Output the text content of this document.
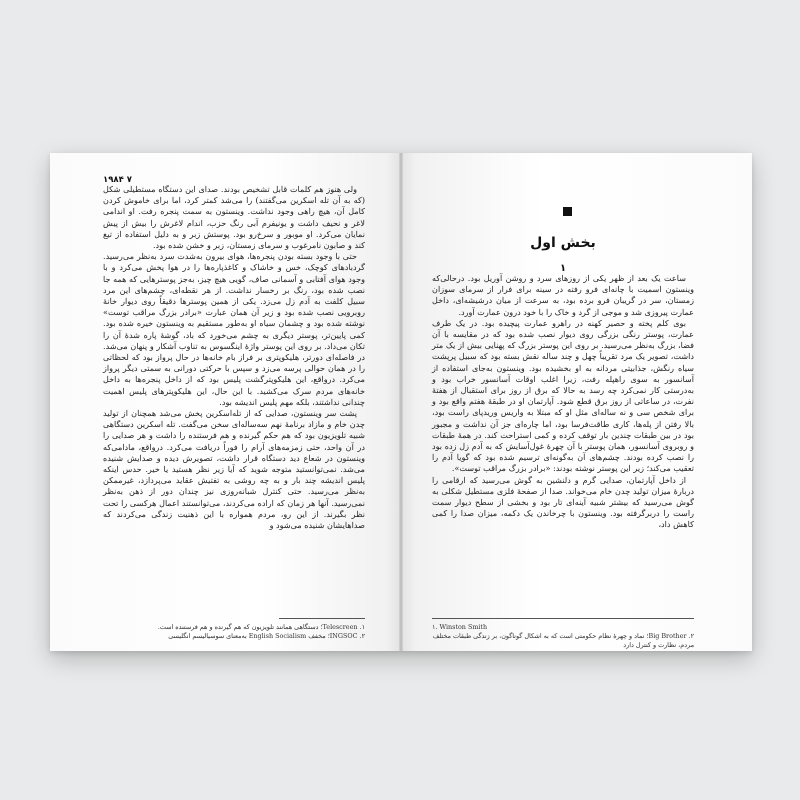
۷ ۱۹۸۴

ولی هنوز هم کلمات قابل تشخیص بودند. صدای این دستگاه مستطیلی شکل (که به آن تله اسکرین می‌گفتند) را می‌شد کمتر کرد، اما برای خاموش کردن کامل آن، هیچ راهی وجود نداشت. وینستون به سمت پنجره رفت. او اندامی لاغر و نحیف داشت و یونیفرم آبی رنگ حزب، اندام لاغرش را بیش از پیش نمایان می‌کرد. او موبور و سرخ‌رو بود. پوستش زبر و به دلیل استفاده از تیغ کند و صابون نامرغوب و سرمای زمستان، زبر و خشن شده بود.

حتی با وجود بسته بودن پنجره‌ها، هوای بیرون به‌شدت سرد به‌نظر می‌رسید. گردبادهای کوچک، خس و خاشاک و کاغذپاره‌ها را در هوا پخش می‌کرد و با وجود هوای آفتابی و آسمانی صاف، گویی هیچ چیز، به‌جز پوسترهایی که همه جا نصب شده بود، رنگ بر رخسار نداشت. از هر نقطه‌ای، چشم‌های این مرد سبیل کلفت به آدم زل می‌زد. یکی از همین پوسترها دقیقاً روی دیوار خانهٔ روبرویی نصب شده بود و زیر آن همان عبارت «برادر بزرگ مراقب توست» نوشته شده بود و چشمان سیاه او به‌طور مستقیم به وینستون خیره شده بود. کمی پایین‌تر، پوستر دیگری به چشم می‌خورد که باد، گوشهٔ پاره شدهٔ آن را تکان می‌داد. بر روی این پوستر واژهٔ اینگسوس به تناوب آشکار و پنهان می‌شد. در فاصله‌ای دورتر، هلیکوپتری بر فراز بام خانه‌ها در حال پرواز بود که لحظاتی را در همان حوالی پرسه می‌زد و سپس با حرکتی دورانی به سمتی دیگر پرواز می‌کرد. درواقع، این هلیکوپترگشت پلیس بود که از داخل پنجره‌ها به داخل خانه‌های مردم سرک می‌کشید. با این حال، این هلیکوپترهای پلیس اهمیت چندانی نداشتند، بلکه مهم پلیس اندیشه بود.

پشت سر وینستون، صدایی که از تله‌اسکرین پخش می‌شد همچنان از تولید چدن خام و مازاد برنامهٔ نهم سه‌ساله‌ای سخن می‌گفت. تله اسکرین دستگاهی شبیه تلویزیون بود که هم حکم گیرنده و هم فرستنده را داشت و هر صدایی را در آن واحد، حتی زمزمه‌های آرام را فوراً دریافت می‌کرد. درواقع، مادامی‌که وینستون در شعاع دید دستگاه قرار داشت، تصویرش دیده و صدایش شنیده می‌شد. نمی‌توانستید متوجه شوید که آیا زیر نظر هستید یا خیر. حدس اینکه پلیس اندیشه چند بار و به چه روشی به تفتیش عقاید می‌پردازد، غیرممکن به‌نظر می‌رسید. حتی کنترل شبانه‌روزی نیز چندان دور از ذهن به‌نظر نمی‌رسید. آنها هر زمان که اراده می‌کردند، می‌توانستند اعمال هرکسی را تحت نظر بگیرند. از این رو، مردم همواره با این ذهنیت زندگی می‌کردند که صداهایشان شنیده می‌شود و

۱. Telescreen؛ دستگاهی همانند تلویزیون که هم گیرنده و هم فرستنده است.
۲. INGSOC؛ مخفف English Socialism به‌معنای سوسیالیسم انگلیسی
بخش اول
۱

ساعت یک بعد از ظهر یکی از روزهای سرد و روشن آوریل بود. درحالی‌که وینستون اسمیت با چانه‌ای فرو رفته در سینه برای فرار از سرمای سوزان زمستان، سر در گریبان فرو برده بود، به سرعت از میان درشیشه‌ای، داخل عمارت پیروزی شد و موجی از گرد و خاک را با خود درون عمارت آورد.

بوی کلم پخته و حصیر کهنه در راهرو عمارت پیچیده بود. در یک طرف عمارت، پوستر رنگی بزرگی روی دیوار نصب شده بود که در مقایسه با آن فضا، بزرگ به‌نظر می‌رسید. بر روی این پوستر بزرگ که پهنایی بیش از یک متر داشت، تصویر یک مرد تقریباً چهل و چند ساله نقش بسته بود که سبیل پرپشت سیاه رنگش، جذابیتی مردانه به او بخشیده بود. وینستون به‌جای استفاده از آسانسور به سوی راهپله رفت، زیرا اغلب اوقات آسانسور خراب بود و به‌درستی کار نمی‌کرد چه رسد به حالا که برق از روز برای استقبال از هفتهٔ نفرت، در ساعاتی از روز برق قطع شود. آپارتمان او در طبقهٔ هفتم واقع بود و برای شخص سی و نه ساله‌ای مثل او که مبتلا به واریس وریدپای راست بود، بالا رفتن از پله‌ها، کاری طاقت‌فرسا بود، اما چاره‌ای جز آن نداشت و مجبور بود در بین طبقات چندین بار توقف کرده و کمی استراحت کند. در همهٔ طبقات و روبروی آسانسور، همان پوستر با آن چهرهٔ غول‌آسایش که به آدم زل زده بود را نصب کرده بودند. چشم‌های آن به‌گونه‌ای ترسیم شده بود که گویا آدم را تعقیب می‌کند؛ زیر این پوستر نوشته بودند: «برادر بزرگ مراقب توست».

از داخل آپارتمان، صدایی گرم و دلنشین به گوش می‌رسید که ارقامی را دربارهٔ میزان تولید چدن خام می‌خواند. صدا از صفحهٔ فلزی مستطیل شکلی به گوش می‌رسید که بیشتر شبیه آینه‌ای تار بود و بخشی از سطح دیوار سمت راست را دربرگرفته بود. وینستون با چرخاندن یک دکمه، میزان صدا را کمی کاهش داد،

۱. Winston Smith
۲. Big Brother؛ نماد و چهرهٔ نظام حکومتی است که به اشکال گوناگون، بر زندگی طبقات مختلف مردم، نظارت و کنترل دارد
